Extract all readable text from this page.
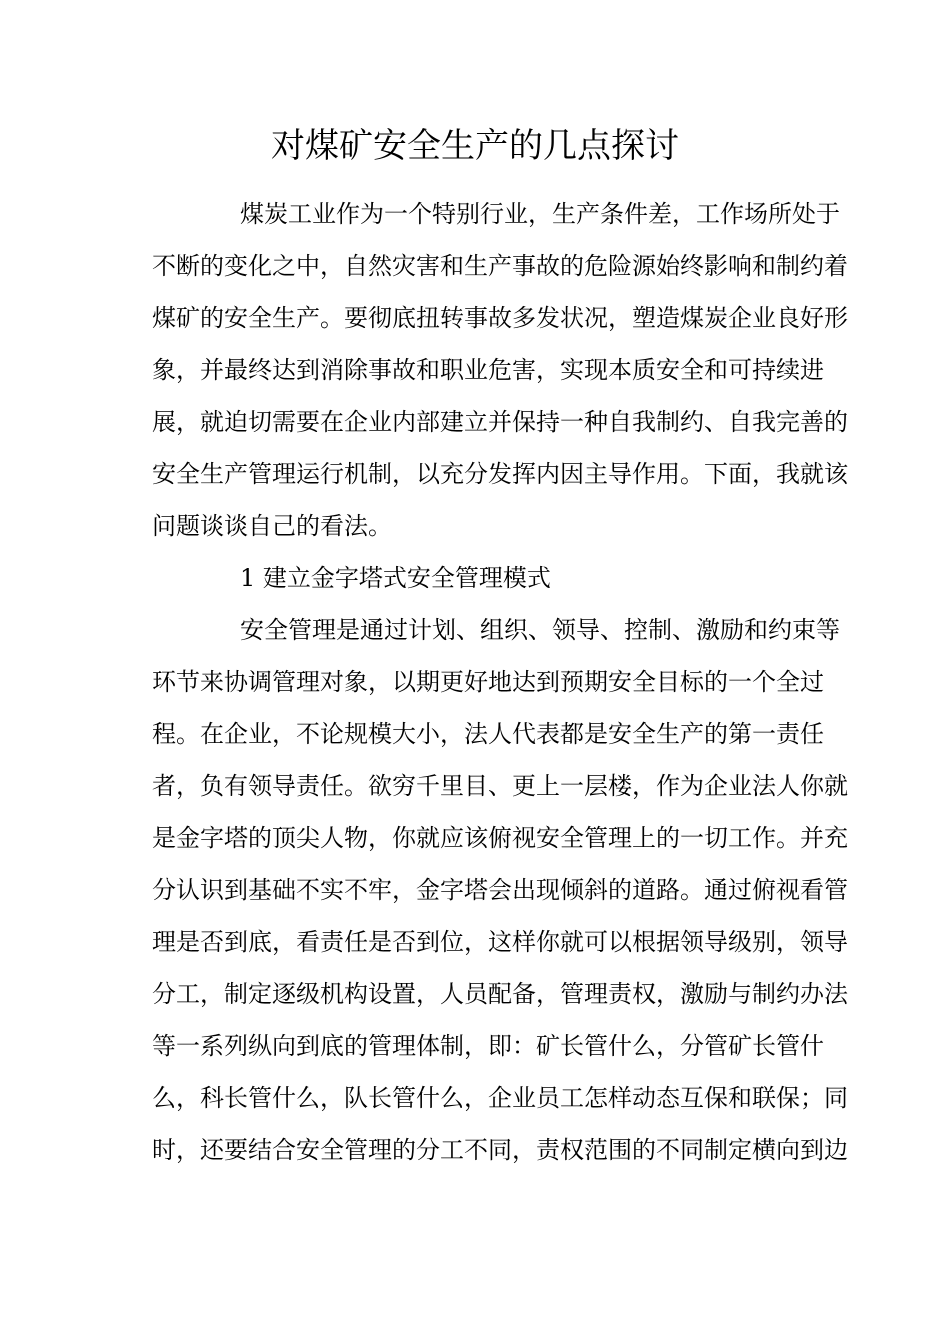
对煤矿安全生产的几点探讨
煤炭工业作为一个特别行业，生产条件差，工作场所处于
不断的变化之中，自然灾害和生产事故的危险源始终影响和制约着
煤矿的安全生产。要彻底扭转事故多发状况，塑造煤炭企业良好形
象，并最终达到消除事故和职业危害，实现本质安全和可持续进
展，就迫切需要在企业内部建立并保持一种自我制约、自我完善的
安全生产管理运行机制，以充分发挥内因主导作用。下面，我就该
问题谈谈自己的看法。
1 建立金字塔式安全管理模式
安全管理是通过计划、组织、领导、控制、激励和约束等
环节来协调管理对象，以期更好地达到预期安全目标的一个全过
程。在企业，不论规模大小，法人代表都是安全生产的第一责任
者，负有领导责任。欲穷千里目、更上一层楼，作为企业法人你就
是金字塔的顶尖人物，你就应该俯视安全管理上的一切工作。并充
分认识到基础不实不牢，金字塔会出现倾斜的道路。通过俯视看管
理是否到底，看责任是否到位，这样你就可以根据领导级别，领导
分工，制定逐级机构设置，人员配备，管理责权，激励与制约办法
等一系列纵向到底的管理体制，即：矿长管什么，分管矿长管什
么，科长管什么，队长管什么，企业员工怎样动态互保和联保；同
时，还要结合安全管理的分工不同，责权范围的不同制定横向到边
